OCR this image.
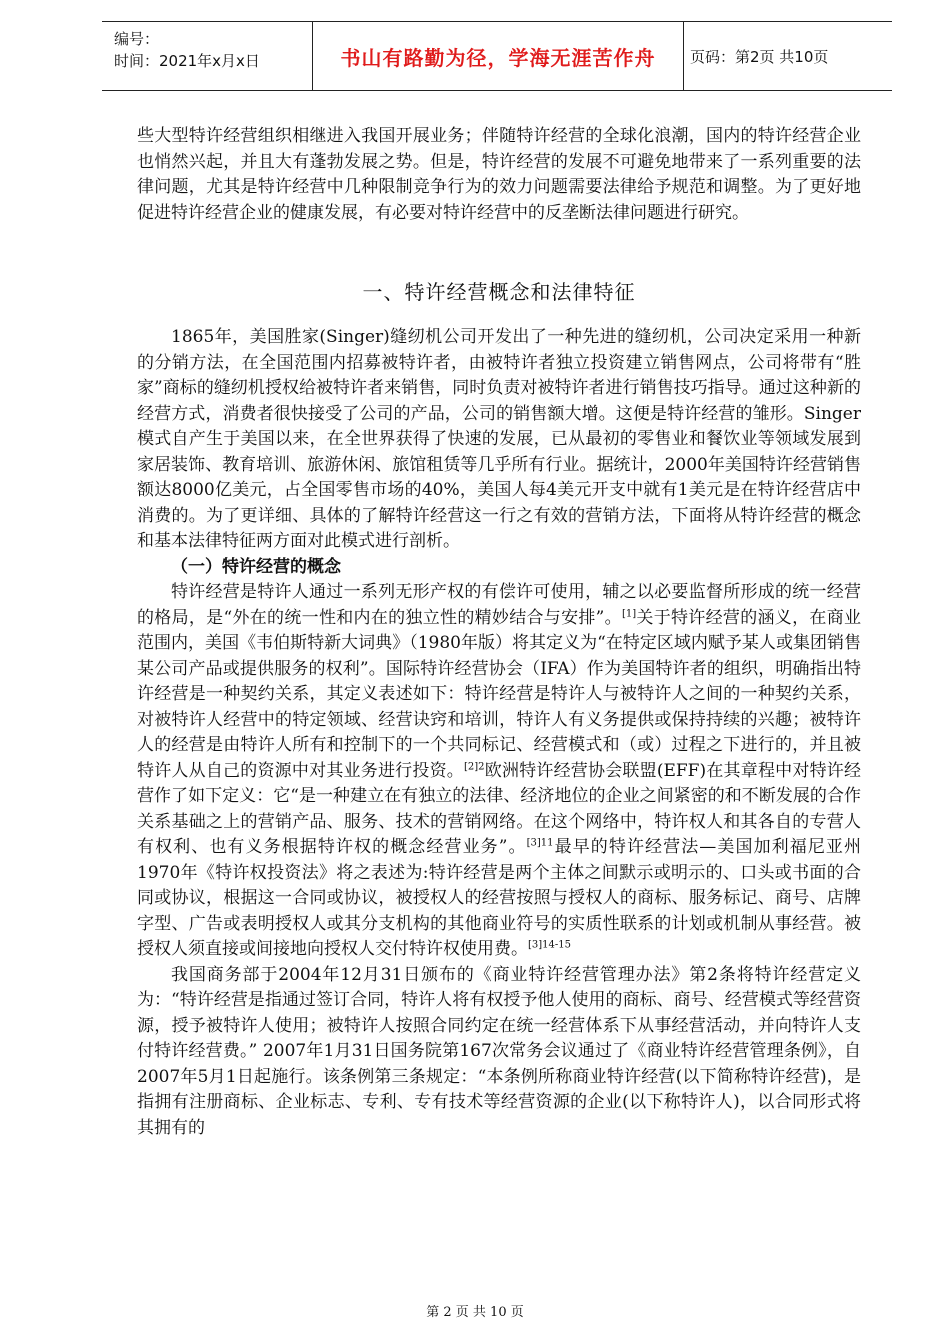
编号：
时间：2021年x月x日	书山有路勤为径，学海无涯苦作舟	页码：第2页 共10页

些大型特许经营组织相继进入我国开展业务；伴随特许经营的全球化浪潮，国内的特许经营企业也悄然兴起，并且大有蓬勃发展之势。但是，特许经营的发展不可避免地带来了一系列重要的法律问题，尤其是特许经营中几种限制竞争行为的效力问题需要法律给予规范和调整。为了更好地促进特许经营企业的健康发展，有必要对特许经营中的反垄断法律问题进行研究。

一、特许经营概念和法律特征

1865年，美国胜家(Singer)缝纫机公司开发出了一种先进的缝纫机，公司决定采用一种新的分销方法，在全国范围内招募被特许者，由被特许者独立投资建立销售网点，公司将带有“胜家”商标的缝纫机授权给被特许者来销售，同时负责对被特许者进行销售技巧指导。通过这种新的经营方式，消费者很快接受了公司的产品，公司的销售额大增。这便是特许经营的雏形。Singer模式自产生于美国以来，在全世界获得了快速的发展，已从最初的零售业和餐饮业等领域发展到家居装饰、教育培训、旅游休闲、旅馆租赁等几乎所有行业。据统计，2000年美国特许经营销售额达8000亿美元，占全国零售市场的40%，美国人每4美元开支中就有1美元是在特许经营店中消费的。为了更详细、具体的了解特许经营这一行之有效的营销方法，下面将从特许经营的概念和基本法律特征两方面对此模式进行剖析。

（一）特许经营的概念

特许经营是特许人通过一系列无形产权的有偿许可使用，辅之以必要监督所形成的统一经营的格局，是“外在的统一性和内在的独立性的精妙结合与安排”。[1]关于特许经营的涵义，在商业范围内，美国《韦伯斯特新大词典》（1980年版）将其定义为“在特定区域内赋予某人或集团销售某公司产品或提供服务的权利”。国际特许经营协会（IFA）作为美国特许者的组织，明确指出特许经营是一种契约关系，其定义表述如下：特许经营是特许人与被特许人之间的一种契约关系，对被特许人经营中的特定领域、经营诀窍和培训，特许人有义务提供或保持持续的兴趣；被特许人的经营是由特许人所有和控制下的一个共同标记、经营模式和（或）过程之下进行的，并且被特许人从自己的资源中对其业务进行投资。$^{[2]2}$欧洲特许经营协会联盟(EFF)在其章程中对特许经营作了如下定义：它“是一种建立在有独立的法律、经济地位的企业之间紧密的和不断发展的合作关系基础之上的营销产品、服务、技术的营销网络。在这个网络中，特许权人和其各自的专营人有权利、也有义务根据特许权的概念经营业务”。$^{[3]11}$最早的特许经营法—美国加利福尼亚州1970年《特许权投资法》将之表述为:特许经营是两个主体之间默示或明示的、口头或书面的合同或协议，根据这一合同或协议，被授权人的经营按照与授权人的商标、服务标记、商号、店牌字型、广告或表明授权人或其分支机构的其他商业符号的实质性联系的计划或机制从事经营。被授权人须直接或间接地向授权人交付特许权使用费。$^{[3]14-15}$

我国商务部于2004年12月31日颁布的《商业特许经营管理办法》第2条将特许经营定义为：“特许经营是指通过签订合同，特许人将有权授予他人使用的商标、商号、经营模式等经营资源，授予被特许人使用；被特许人按照合同约定在统一经营体系下从事经营活动，并向特许人支付特许经营费。” 2007年1月31日国务院第167次常务会议通过了《商业特许经营管理条例》，自2007年5月1日起施行。该条例第三条规定：“本条例所称商业特许经营(以下简称特许经营)，是指拥有注册商标、企业标志、专利、专有技术等经营资源的企业(以下称特许人)，以合同形式将其拥有的

第 2 页 共 10 页
